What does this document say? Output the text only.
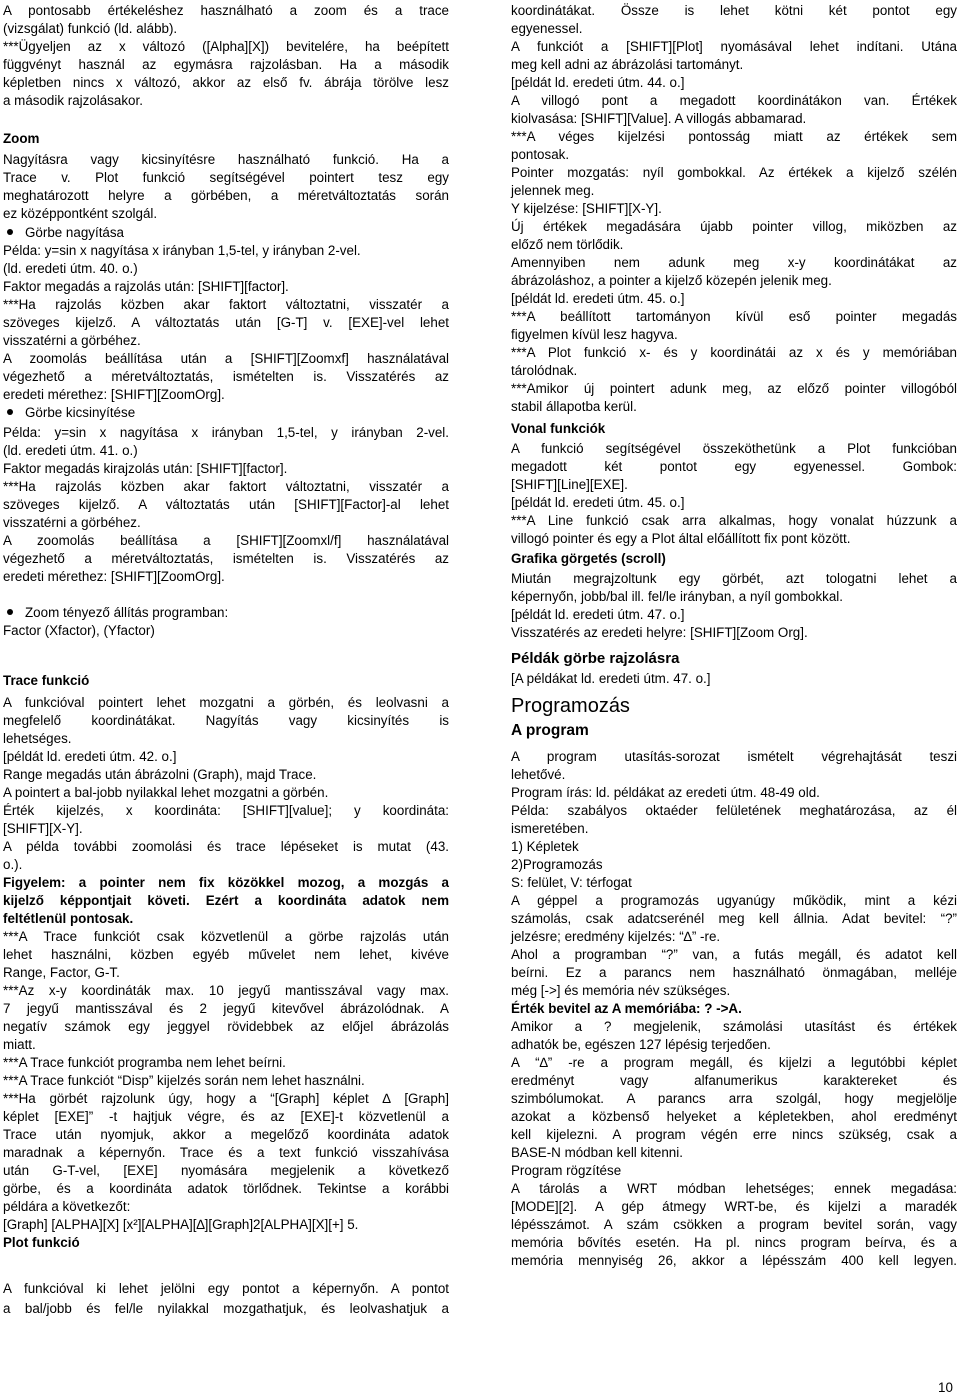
A pontosabb értékeléshez használható a zoom és a trace
(vizsgálat) funkció (ld. alább).
***Ügyeljen az x változó ([Alpha][X]) bevitelére, ha beépített
függvényt használ az egymásra rajzolásban. Ha a második
képletben nincs x változó, akkor az első fv. ábrája törölve lesz
a második rajzolásakor.
Zoom
Nagyításra vagy kicsinyítésre használható funkció. Ha a
Trace v. Plot funkció segítségével pointert tesz egy
meghatározott helyre a görbében, a méretváltoztatás során
ez középpontként szolgál.
Görbe nagyítása
Példa: y=sin x nagyítása x irányban 1,5-tel, y irányban 2-vel.
(ld. eredeti útm. 40. o.)
Faktor megadás a rajzolás után: [SHIFT][factor].
***Ha rajzolás közben akar faktort változtatni, visszatér a
szöveges kijelző. A változtatás után [G-T] v. [EXE]-vel lehet
visszatérni a görbéhez.
A zoomolás beállítása után a [SHIFT][Zoomxf] használatával
végezhető a méretváltoztatás, ismételten is. Visszatérés az
eredeti mérethez: [SHIFT][ZoomOrg].
Görbe kicsinyítése
Példa: y=sin x nagyítása x irányban 1,5-tel, y irányban 2-vel.
(ld. eredeti útm. 41. o.)
Faktor megadás kirajzolás után: [SHIFT][factor].
***Ha rajzolás közben akar faktort változtatni, visszatér a
szöveges kijelző. A változtatás után [SHIFT][Factor]-al lehet
visszatérni a görbéhez.
A zoomolás beállítása a [SHIFT][Zoomxl/f] használatával
végezhető a méretváltoztatás, ismételten is. Visszatérés az
eredeti mérethez: [SHIFT][ZoomOrg].
Zoom tényező állítás programban:
Factor (Xfactor), (Yfactor)
Trace funkció
A funkcióval pointert lehet mozgatni a görbén, és leolvasni a
megfelelő koordinátákat. Nagyítás vagy kicsinyítés is
lehetséges.
[példát ld. eredeti útm. 42. o.]
Range megadás után ábrázolni (Graph), majd Trace.
A pointert a bal-jobb nyilakkal lehet mozgatni a görbén.
Érték kijelzés, x koordináta: [SHIFT][value]; y koordináta:
[SHIFT][X-Y].
A példa további zoomolási és trace lépéseket is mutat (43.
o.).
Figyelem: a pointer nem fix közökkel mozog, a mozgás a
kijelző képpontjait követi. Ezért a koordináta adatok nem
feltétlenül pontosak.
***A Trace funkciót csak közvetlenül a görbe rajzolás után
lehet használni, közben egyéb művelet nem lehet, kivéve
Range, Factor, G-T.
***Az x-y koordináták max. 10 jegyű mantisszával vagy max.
7 jegyű mantisszával és 2 jegyű kitevővel ábrázolódnak. A
negatív számok egy jeggyel rövidebbek az előjel ábrázolás
miatt.
***A Trace funkciót programba nem lehet beírni.
***A Trace funkciót “Disp” kijelzés során nem lehet használni.
***Ha görbét rajzolunk úgy, hogy a “[Graph] képlet ∆ [Graph]
képlet [EXE]” -t hajtjuk végre, és az [EXE]-t közvetlenül a
Trace után nyomjuk, akkor a megelőző koordináta adatok
maradnak a képernyőn. Trace és a text funkció visszahívása
után G-T-vel, [EXE] nyomására megjelenik a következő
görbe, és a koordináta adatok törlődnek. Tekintse a korábbi
példára a következőt:
[Graph] [ALPHA][X] [x²][ALPHA][∆][Graph]2[ALPHA][X][+] 5.
Plot funkció
A funkcióval ki lehet jelölni egy pontot a képernyőn. A pontot
a bal/jobb és fel/le nyilakkal mozgathatjuk, és leolvashatjuk a
koordinátákat. Össze is lehet kötni két pontot egy
egyenessel.
A funkciót a [SHIFT][Plot] nyomásával lehet indítani. Utána
meg kell adni az ábrázolási tartományt.
[példát ld. eredeti útm. 44. o.]
A villogó pont a megadott koordinátákon van. Értékek
kiolvasása: [SHIFT][Value]. A villogás abbamarad.
***A véges kijelzési pontosság miatt az értékek sem
pontosak.
Pointer mozgatás: nyíl gombokkal. Az értékek a kijelző szélén
jelennek meg.
Y kijelzése: [SHIFT][X-Y].
Új értékek megadására újabb pointer villog, miközben az
előző nem törlődik.
Amennyiben nem adunk meg x-y koordinátákat az
ábrázoláshoz, a pointer a kijelző közepén jelenik meg.
[példát ld. eredeti útm. 45. o.]
***A beállított tartományon kívül eső pointer megadás
figyelmen kívül lesz hagyva.
***A Plot funkció x- és y koordinátái az x és y memóriában
tárolódnak.
***Amikor új pointert adunk meg, az előző pointer villogóból
stabil állapotba kerül.
Vonal funkciók
A funkció segítségével összeköthetünk a Plot funkcióban
megadott két pontot egy egyenessel. Gombok:
[SHIFT][Line][EXE].
[példát ld. eredeti útm. 45. o.]
***A Line funkció csak arra alkalmas, hogy vonalat húzzunk a
villogó pointer és egy a Plot által előállított fix pont között.
Grafika görgetés (scroll)
Miután megrajzoltunk egy görbét, azt tologatni lehet a
képernyőn, jobb/bal ill. fel/le irányban, a nyíl gombokkal.
[példát ld. eredeti útm. 47. o.]
Visszatérés az eredeti helyre: [SHIFT][Zoom Org].
Példák görbe rajzolásra
[A példákat ld. eredeti útm. 47. o.]
Programozás
A program
A program utasítás-sorozat ismételt végrehajtását teszi
lehetővé.
Program írás: ld. példákat az eredeti útm. 48-49 old.
Példa: szabályos oktaéder felületének meghatározása, az él
ismeretében.
1) Képletek
2)Programozás
S: felület, V: térfogat
A géppel a programozás ugyanúgy működik, mint a kézi
számolás, csak adatcserénél meg kell állnia. Adat bevitel: “?”
jelzésre; eredmény kijelzés: “∆” -re.
Ahol a programban “?” van, a futás megáll, és adatot kell
beírni. Ez a parancs nem használható önmagában, melléje
még [->] és memória név szükséges.
Érték bevitel az A memóriába: ? ->A.
Amikor a ? megjelenik, számolási utasítást és értékek
adhatók be, egészen 127 lépésig terjedően.
A “∆” -re a program megáll, és kijelzi a legutóbbi képlet
eredményt vagy alfanumerikus karaktereket és
szimbólumokat. A parancs arra szolgál, hogy megjelölje
azokat a közbenső helyeket a képletekben, ahol eredményt
kell kijelezni. A program végén erre nincs szükség, csak a
BASE-N módban kell kitenni.
Program rögzítése
A tárolás a WRT módban lehetséges; ennek megadása:
[MODE][2]. A gép átmegy WRT-be, és kijelzi a maradék
lépésszámot. A szám csökken a program bevitel során, vagy
memória bővítés esetén. Ha pl. nincs program beírva, és a
memória mennyiség 26, akkor a lépésszám 400 kell legyen.
10
